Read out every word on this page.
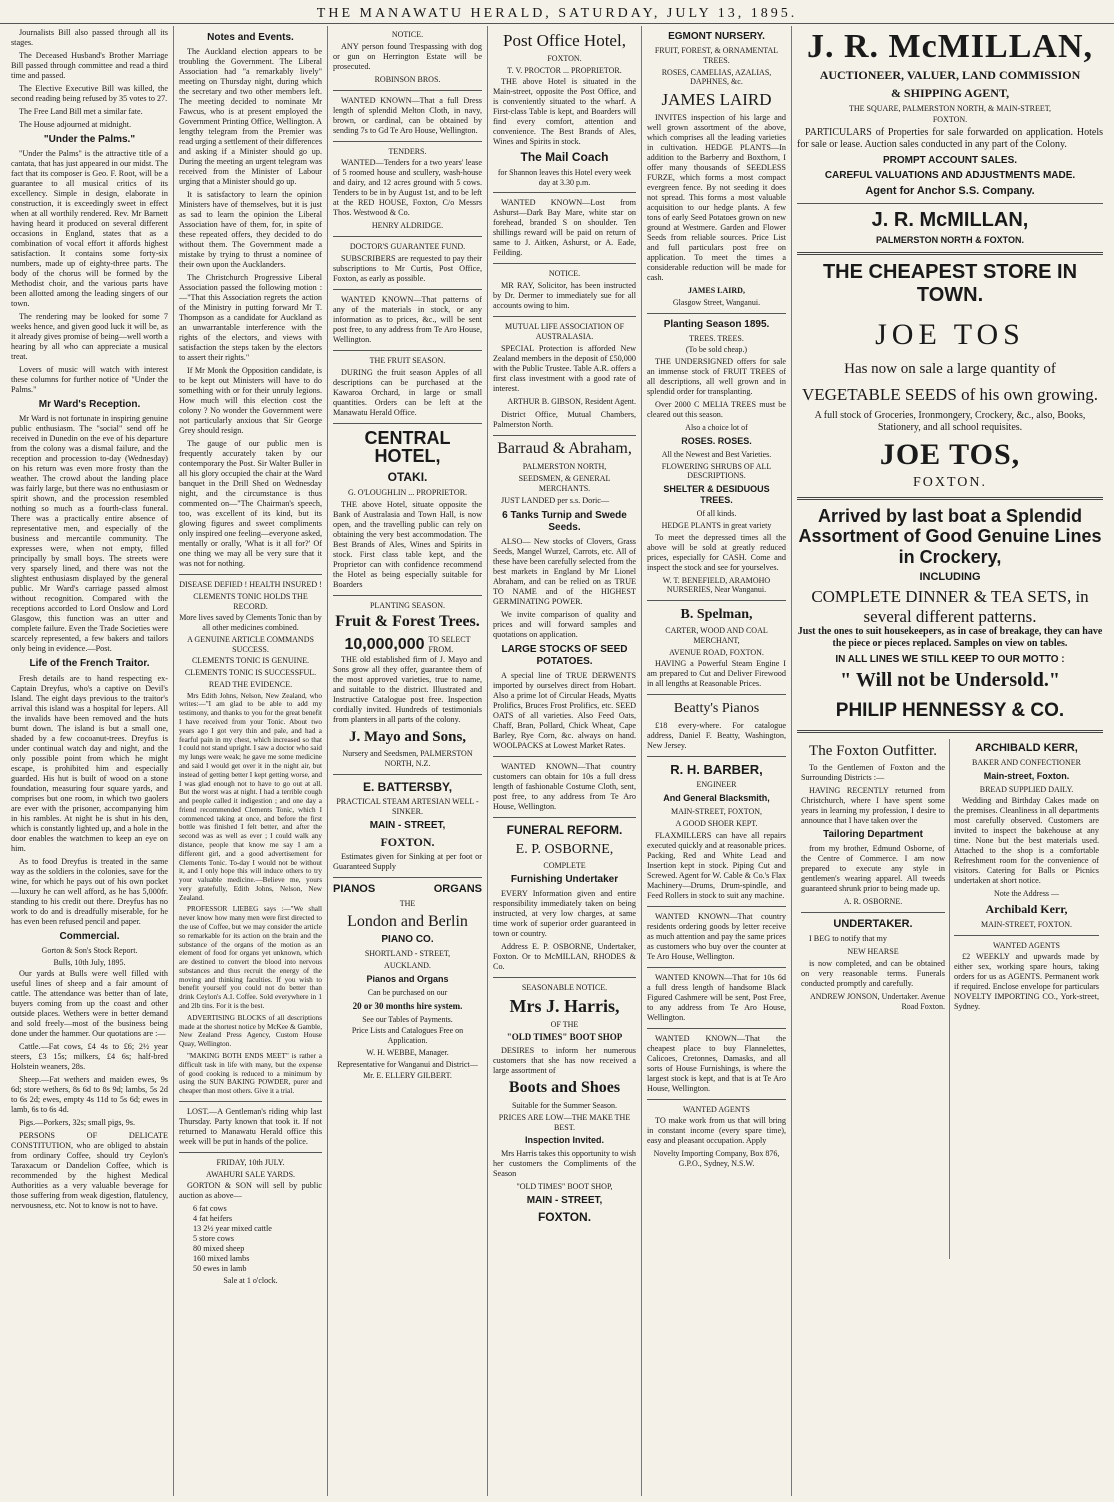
THE MANAWATU HERALD, SATURDAY, JULY 13, 1895.

Journalists Bill also passed through all its stages.

The Deceased Husband's Brother Marriage Bill passed through committee and read a third time and passed.

The Elective Executive Bill was killed, the second reading being refused by 35 votes to 27.

The Free Land Bill met a similar fate.

The House adjourned at midnight.

"Under the Palms."

"Under the Palms" is the attractive title of a cantata, that has just appeared in our midst. The fact that its composer is Geo. F. Root, will be a guarantee to all musical critics of its excellency. Simple in design, elaborate in construction, it is exceedingly sweet in effect when at all worthily rendered. Rev. Mr Barnett having heard it produced on several different occasions in England, states that as a combination of vocal effort it affords highest satisfaction. It contains some forty-six numbers, made up of eighty-three parts. The body of the chorus will be formed by the Methodist choir, and the various parts have been allotted among the leading singers of our town.

The rendering may be looked for some 7 weeks hence, and given good luck it will be, as it already gives promise of being—well worth a hearing by all who can appreciate a musical treat.

Lovers of music will watch with interest these columns for further notice of "Under the Palms."

Mr Ward's Reception.

Mr Ward is not fortunate in inspiring genuine public enthusiasm. The "social" send off he received in Dunedin on the eve of his departure from the colony was a dismal failure, and the reception and procession to-day (Wednesday) on his return was even more frosty than the weather. The crowd about the landing place was fairly large, but there was no enthusiasm or spirit shown, and the procession resembled nothing so much as a fourth-class funeral. There was a practically entire absence of representative men, and especially of the business and mercantile community. The expresses were, when not empty, filled principally by small boys. The streets were very sparsely lined, and there was not the slightest enthusiasm displayed by the general public. Mr Ward's carriage passed almost without recognition. Compared with the receptions accorded to Lord Onslow and Lord Glasgow, this function was an utter and complete failure. Even the Trade Societies were scarcely represented, a few bakers and tailors only being in evidence.—Post.

Life of the French Traitor.

Fresh details are to hand respecting ex-Captain Dreyfus, who's a captive on Devil's Island. The eight days previous to the traitor's arrival this island was a hospital for lepers. All the invalids have been removed and the huts burnt down. The island is but a small one, shaded by a few cocoanut-trees. Dreyfus is under continual watch day and night, and the only possible point from which he might escape, is prohibited him and especially guarded. His hut is built of wood on a stone foundation, measuring four square yards, and comprises but one room, in which two gaolers are ever with the prisoner, accompanying him in his rambles. At night he is shut in his den, which is constantly lighted up, and a hole in the door enables the watchmen to keep an eye on him.

As to food Dreyfus is treated in the same way as the soldiers in the colonies, save for the wine, for which he pays out of his own pocket—luxury he can well afford, as he has 5,000fr. standing to his credit out there. Dreyfus has no work to do and is dreadfully miserable, for he has even been refused pencil and paper.

Commercial.
Gorton & Son's Stock Report.
Bulls, 10th July, 1895.

Our yards at Bulls were well filled with useful lines of sheep and a fair amount of cattle. The attendance was better than of late, buyers coming from up the coast and other outside places. Wethers were in better demand and sold freely—most of the business being done under the hammer. Our quotations are :—

Cattle.—Fat cows, £4 4s to £6; 2½ year steers, £3 15s; milkers, £4 6s; half-bred Holstein weaners, 28s.

Sheep.—Fat wethers and maiden ewes, 9s 6d; store wethers, 8s 6d to 8s 9d; lambs, 5s 2d to 6s 2d; ewes, empty 4s 11d to 5s 6d; ewes in lamb, 6s to 6s 4d.

Pigs.—Porkers, 32s; small pigs, 9s.

PERSONS OF DELICATE CONSTITUTION, who are obliged to abstain from ordinary Coffee, should try Ceylon's Taraxacum or Dandelion Coffee, which is recommended by the highest Medical Authorities as a very valuable beverage for those suffering from weak digestion, flatulency, nervousness, etc. Not to know is not to have.

Notes and Events.

The Auckland election appears to be troubling the Government. The Liberal Association had "a remarkably lively" meeting on Thursday night, during which the secretary and two other members left. The meeting decided to nominate Mr Fawcus, who is at present employed the Government Printing Office, Wellington. A lengthy telegram from the Premier was read urging a settlement of their differences and asking if a Minister should go up. During the meeting an urgent telegram was received from the Minister of Labour urging that a Minister should go up.

It is satisfactory to learn the opinion Ministers have of themselves, but it is just as sad to learn the opinion the Liberal Association have of them, for, in spite of these repeated offers, they decided to do without them. The Government made a mistake by trying to thrust a nominee of their own upon the Aucklanders.

The Christchurch Progressive Liberal Association passed the following motion :—"That this Association regrets the action of the Ministry in putting forward Mr T. Thompson as a candidate for Auckland as an unwarrantable interference with the rights of the electors, and views with satisfaction the steps taken by the electors to assert their rights."

If Mr Monk the Opposition candidate, is to be kept out Ministers will have to do something with or for their unruly legions. How much will this election cost the colony ? No wonder the Government were not particularly anxious that Sir George Grey should resign.

The gauge of our public men is frequently accurately taken by our contemporary the Post. Sir Walter Buller in all his glory occupied the chair at the Ward banquet in the Drill Shed on Wednesday night, and the circumstance is thus commented on—"The Chairman's speech, too, was excellent of its kind, but its glowing figures and sweet compliments only inspired one feeling—everyone asked, mentally or orally, 'What is it all for?' Of one thing we may all be very sure that it was not for nothing.

DISEASE DEFIED ! HEALTH INSURED !
CLEMENTS TONIC HOLDS THE RECORD.
More lives saved by Clements Tonic than by all other medicines combined.
A GENUINE ARTICLE COMMANDS SUCCESS.
CLEMENTS TONIC IS GENUINE.
CLEMENTS TONIC IS SUCCESSFUL.
READ THE EVIDENCE.

Mrs Edith Johns, Nelson, New Zealand, who writes:—"I am glad to be able to add my testimony, and thanks to you for the great benefit I have received from your Tonic. About two years ago I got very thin and pale, and had a fearful pain in my chest, which increased so that I could not stand upright. I saw a doctor who said my lungs were weak; he gave me some medicine and said I would get over it in the night air, but instead of getting better I kept getting worse, and I was glad enough not to have to go out at all. But the worst was at night. I had a terrible cough and people called it indigestion ; and one day a friend recommended Clements Tonic, which I commenced taking at once, and before the first bottle was finished I felt better, and after the second was as well as ever ; I could walk any distance, people that know me say I am a different girl, and a good advertisement for Clements Tonic. To-day I would not be without it, and I only hope this will induce others to try your valuable medicine.—Believe me, yours very gratefully, Edith Johns, Nelson, New Zealand.

PROFESSOR LIEBEG says :—"We shall never know how many men were first directed to the use of Coffee, but we may consider the article so remarkable for its action on the brain and the substance of the organs of the motion as an element of food for organs yet unknown, which are destined to convert the blood into nervous substances and thus recruit the energy of the moving and thinking faculties. If you wish to benefit yourself you could not do better than drink Ceylon's A.I. Coffee. Sold everywhere in 1 and 2lb tins. For it is the best.

ADVERTISING BLOCKS of all descriptions made at the shortest notice by McKee & Gamble, New Zealand Press Agency, Custom House Quay, Wellington.

"MAKING BOTH ENDS MEET" is rather a difficult task in life with many, but the expense of good cooking is reduced to a minimum by using the SUN BAKING POWDER, purer and cheaper than most others. Give it a trial.

LOST.—A Gentleman's riding whip last Thursday. Party known that took it. If not returned to Manawatu Herald office this week will be put in hands of the police.

FRIDAY, 10th JULY.
AWAHURI SALE YARDS.

GORTON & SON will sell by public auction as above—

6 fat cows
4 fat heifers
13 2½ year mixed cattle
5 store cows
80 mixed sheep
160 mixed lambs
50 ewes in lamb
Sale at 1 o'clock.
NOTICE.

ANY person found Trespassing with dog or gun on Herrington Estate will be prosecuted.

ROBINSON BROS.

WANTED KNOWN—That a full Dress length of splendid Melton Cloth, in navy, brown, or cardinal, can be obtained by sending 7s to Gd Te Aro House, Wellington.

TENDERS.

WANTED—Tenders for a two years' lease of 5 roomed house and scullery, wash-house and dairy, and 12 acres ground with 5 cows. Tenders to be in by August 1st, and to be left at the RED HOUSE, Foxton, C/o Messrs Thos. Westwood & Co.

HENRY ALDRIDGE.
DOCTOR'S GUARANTEE FUND.

SUBSCRIBERS are requested to pay their subscriptions to Mr Curtis, Post Office, Foxton, as early as possible.

WANTED KNOWN—That patterns of any of the materials in stock, or any information as to prices, &c., will be sent post free, to any address from Te Aro House, Wellington.

THE FRUIT SEASON.

DURING the fruit season Apples of all descriptions can be purchased at the Kawaroa Orchard, in large or small quantities. Orders can be left at the Manawatu Herald Office.

CENTRAL HOTEL,
OTAKI.
G. O'LOUGHLIN ... PROPRIETOR.

THE above Hotel, situate opposite the Bank of Australasia and Town Hall, is now open, and the travelling public can rely on obtaining the very best accommodation. The Best Brands of Ales, Wines and Spirits in stock. First class table kept, and the Proprietor can with confidence recommend the Hotel as being especially suitable for Boarders

PLANTING SEASON.
Fruit & Forest Trees.
10,000,000 TO SELECT FROM.

THE old established firm of J. Mayo and Sons grow all they offer, guarantee them of the most approved varieties, true to name, and suitable to the district. Illustrated and Instructive Catalogue post free. Inspection cordially invited. Hundreds of testimonials from planters in all parts of the colony.

J. Mayo and Sons,
Nursery and Seedsmen, PALMERSTON NORTH, N.Z.
E. BATTERSBY,
PRACTICAL STEAM ARTESIAN WELL - SINKER.
MAIN - STREET,
FOXTON.

Estimates given for Sinking at per foot or Guaranteed Supply

PIANOS	ORGANS
THE
London and Berlin
PIANO CO.
SHORTLAND - STREET,
AUCKLAND.
Pianos and Organs
Can be purchased on our
20 or 30 months hire system.
See our Tables of Payments.
Price Lists and Catalogues Free on Application.
W. H. WEBBE, Manager.
Representative for Wanganui and District—
Mr. E. ELLERY GILBERT.
Post Office Hotel,
FOXTON.
T. V. PROCTOR ... PROPRIETOR.

THE above Hotel is situated in the Main-street, opposite the Post Office, and is conveniently situated to the wharf. A First-class Table is kept, and Boarders will find every comfort, attention and convenience. The Best Brands of Ales, Wines and Spirits in stock.

The Mail Coach
for Shannon leaves this Hotel every week day at 3.30 p.m.

WANTED KNOWN—Lost from Ashurst—Dark Bay Mare, white star on forehead, branded S on shoulder. Ten shillings reward will be paid on return of same to J. Aitken, Ashurst, or A. Eade, Feilding.

NOTICE.

MR RAY, Solicitor, has been instructed by Dr. Dermer to immediately sue for all accounts owing to him.

MUTUAL LIFE ASSOCIATION OF AUSTRALASIA.

SPECIAL Protection is afforded New Zealand members in the deposit of £50,000 with the Public Trustee. Table A.R. offers a first class investment with a good rate of interest.

ARTHUR B. GIBSON, Resident Agent.

District Office, Mutual Chambers, Palmerston North.

Barraud & Abraham,
PALMERSTON NORTH,
SEEDSMEN, & GENERAL MERCHANTS.

JUST LANDED per s.s. Doric—

6 Tanks Turnip and Swede Seeds.

ALSO— New stocks of Clovers, Grass Seeds, Mangel Wurzel, Carrots, etc. All of these have been carefully selected from the best markets in England by Mr Lionel Abraham, and can be relied on as TRUE TO NAME and of the HIGHEST GERMINATING POWER.

We invite comparison of quality and prices and will forward samples and quotations on application.

LARGE STOCKS OF SEED POTATOES.

A special line of TRUE DERWENTS imported by ourselves direct from Hobart. Also a prime lot of Circular Heads, Myatts Prolifics, Bruces Frost Prolifics, etc. SEED OATS of all varieties. Also Feed Oats, Chaff, Bran, Pollard, Chick Wheat, Cape Barley, Rye Corn, &c. always on hand. WOOLPACKS at Lowest Market Rates.

WANTED KNOWN—That country customers can obtain for 10s a full dress length of fashionable Costume Cloth, sent, post free, to any address from Te Aro House, Wellington.

FUNERAL REFORM.
E. P. OSBORNE,
COMPLETE
Furnishing Undertaker

EVERY Information given and entire responsibility immediately taken on being instructed, at very low charges, at same time work of superior order guaranteed in town or country.

Address E. P. OSBORNE, Undertaker, Foxton. Or to McMILLAN, RHODES & Co.

SEASONABLE NOTICE.
Mrs J. Harris,
OF THE
"OLD TIMES" BOOT SHOP

DESIRES to inform her numerous customers that she has now received a large assortment of

Boots and Shoes
Suitable for the Summer Season.
PRICES ARE LOW—THE MAKE THE BEST.
Inspection Invited.

Mrs Harris takes this opportunity to wish her customers the Compliments of the Season

"OLD TIMES" BOOT SHOP,
MAIN - STREET,
FOXTON.
EGMONT NURSERY.
FRUIT, FOREST, & ORNAMENTAL TREES.
ROSES, CAMELIAS, AZALIAS, DAPHNES, &c.
JAMES LAIRD

INVITES inspection of his large and well grown assortment of the above, which comprises all the leading varieties in cultivation. HEDGE PLANTS—In addition to the Barberry and Boxthorn, I offer many thousands of SEEDLESS FURZE, which forms a most compact evergreen fence. By not seeding it does not spread. This forms a most valuable acquisition to our hedge plants. A few tons of early Seed Potatoes grown on new ground at Westmere. Garden and Flower Seeds from reliable sources. Price List and full particulars post free on application. To meet the times a considerable reduction will be made for cash.

JAMES LAIRD,
Glasgow Street, Wanganui.
Planting Season 1895.
TREES. TREES.
(To be sold cheap.)

THE UNDERSIGNED offers for sale an immense stock of FRUIT TREES of all descriptions, all well grown and in splendid order for transplanting.

Over 2000 C MELIA TREES must be cleared out this season.

Also a choice lot of
ROSES. ROSES.
All the Newest and Best Varieties.
FLOWERING SHRUBS OF ALL DESCRIPTIONS.
SHELTER & DESIDUOUS TREES.
Of all kinds.
HEDGE PLANTS in great variety

To meet the depressed times all the above will be sold at greatly reduced prices, especially for CASH. Come and inspect the stock and see for yourselves.

W. T. BENEFIELD, ARAMOHO NURSERIES, Near Wanganui.
B. Spelman,
CARTER, WOOD AND COAL MERCHANT,
AVENUE ROAD, FOXTON.

HAVING a Powerful Steam Engine I am prepared to Cut and Deliver Firewood in all lengths at Reasonable Prices.

Beatty's Pianos

£18 every-where. For catalogue address, Daniel F. Beatty, Washington, New Jersey.

R. H. BARBER,
ENGINEER
And General Blacksmith,
MAIN-STREET, FOXTON,
A GOOD SHOER KEPT.

FLAXMILLERS can have all repairs executed quickly and at reasonable prices. Packing, Red and White Lead and Insertion kept in stock. Piping Cut and Screwed. Agent for W. Cable & Co.'s Flax Machinery—Drums, Drum-spindle, and Feed Rollers in stock to suit any machine.

WANTED KNOWN—That country residents ordering goods by letter receive as much attention and pay the same prices as customers who buy over the counter at Te Aro House, Wellington.

WANTED KNOWN—That for 10s 6d a full dress length of handsome Black Figured Cashmere will be sent, Post Free, to any address from Te Aro House, Wellington.

WANTED KNOWN—That the cheapest place to buy Flannelettes, Calicoes, Cretonnes, Damasks, and all sorts of House Furnishings, is where the largest stock is kept, and that is at Te Aro House, Wellington.

WANTED AGENTS

TO make work from us that will bring in constant income (every spare time), easy and pleasant occupation. Apply

Novelty Importing Company, Box 876, G.P.O., Sydney, N.S.W.
J. R. McMILLAN,
AUCTIONEER, VALUER, LAND COMMISSION
& SHIPPING AGENT,
THE SQUARE, PALMERSTON NORTH, & MAIN-STREET,
FOXTON.

PARTICULARS of Properties for sale forwarded on application. Hotels for sale or lease. Auction sales conducted in any part of the Colony.

PROMPT ACCOUNT SALES.
CAREFUL VALUATIONS AND ADJUSTMENTS MADE.
Agent for Anchor S.S. Company.
J. R. McMILLAN,
PALMERSTON NORTH & FOXTON.
THE CHEAPEST STORE IN TOWN.
JOE TOS
Has now on sale a large quantity of
VEGETABLE SEEDS of his own growing.

A full stock of Groceries, Ironmongery, Crockery, &c., also, Books, Stationery, and all school requisites.

JOE TOS,
FOXTON.
Arrived by last boat a Splendid Assortment of Good Genuine Lines in Crockery,
INCLUDING
COMPLETE DINNER & TEA SETS, in several different patterns.

Just the ones to suit housekeepers, as in case of breakage, they can have the piece or pieces replaced. Samples on view on tables.

IN ALL LINES WE STILL KEEP TO OUR MOTTO :
" Will not be Undersold."
PHILIP HENNESSY & CO.
The Foxton Outfitter.

To the Gentlemen of Foxton and the Surrounding Districts :—

HAVING RECENTLY returned from Christchurch, where I have spent some years in learning my profession, I desire to announce that I have taken over the

Tailoring Department

from my brother, Edmund Osborne, of the Centre of Commerce. I am now prepared to execute any style in gentlemen's wearing apparel. All tweeds guaranteed shrunk prior to being made up.

A. R. OSBORNE.
UNDERTAKER.

I BEG to notify that my

NEW HEARSE

is now completed, and can be obtained on very reasonable terms. Funerals conducted promptly and carefully.

ANDREW JONSON, Undertaker. Avenue Road Foxton.
ARCHIBALD KERR,
BAKER AND CONFECTIONER
Main-street, Foxton.
BREAD SUPPLIED DAILY.

Wedding and Birthday Cakes made on the premises. Cleanliness in all departments most carefully observed. Customers are invited to inspect the bakehouse at any time. None but the best materials used. Attached to the shop is a comfortable Refreshment room for the convenience of visitors. Catering for Balls or Picnics undertaken at short notice.

Note the Address —
Archibald Kerr,
MAIN-STREET, FOXTON.
WANTED AGENTS

£2 WEEKLY and upwards made by either sex, working spare hours, taking orders for us as AGENTS. Permanent work if required. Enclose envelope for particulars NOVELTY IMPORTING CO., York-street, Sydney.
